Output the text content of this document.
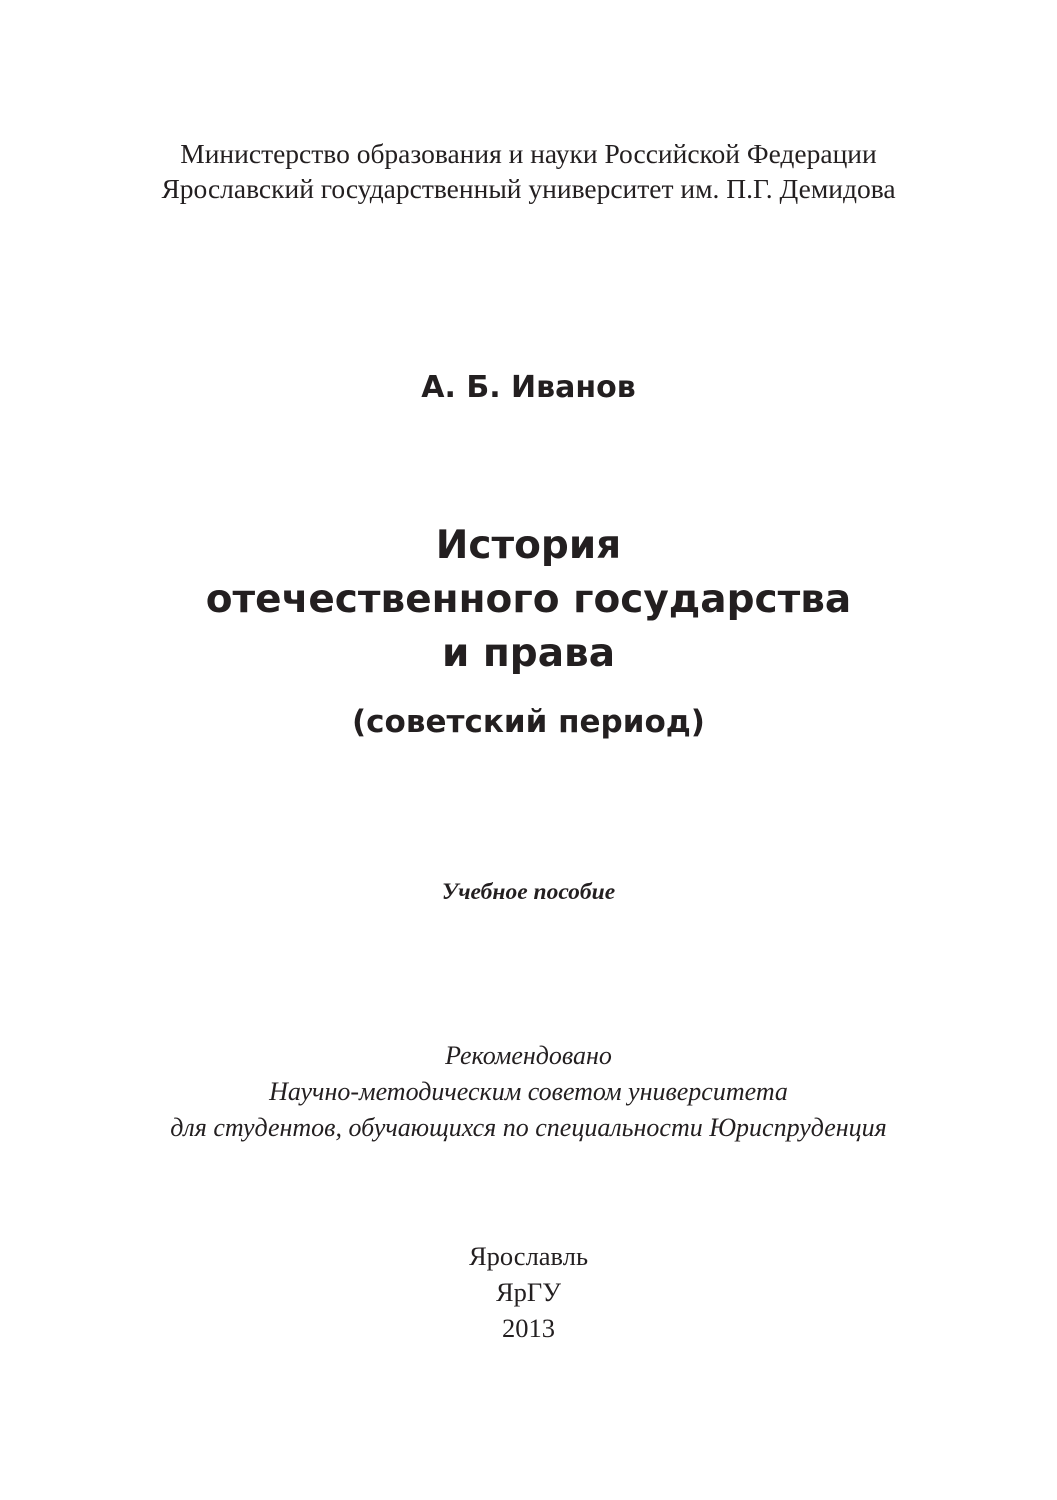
Министерство образования и науки Российской Федерации
Ярославский государственный университет им. П.Г. Демидова
А. Б. Иванов
История
отечественного государства
и права
(советский период)
Учебное пособие
Рекомендовано
Научно-методическим советом университета
для студентов, обучающихся по специальности Юриспруденция
Ярославль
ЯрГУ
2013
